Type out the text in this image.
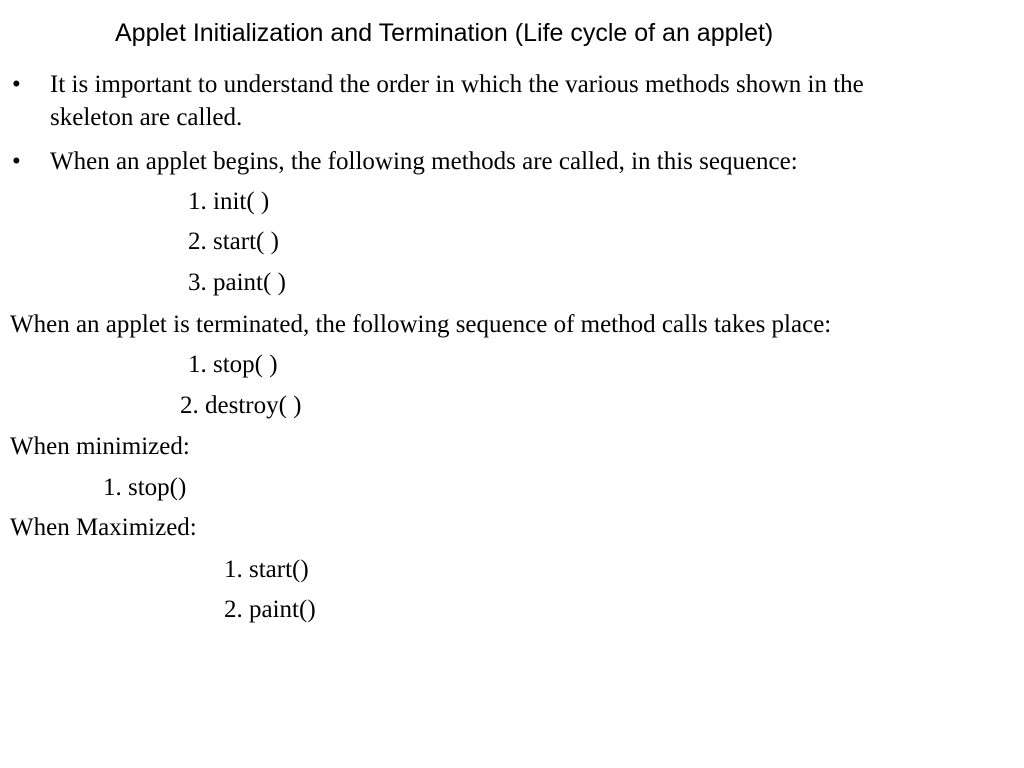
Applet Initialization and Termination (Life cycle of an applet)
• It is important to understand the order in which the various methods shown in the
skeleton are called.
• When an applet begins, the following methods are called, in this sequence:
1. init( )
2. start( )
3. paint( )
When an applet is terminated, the following sequence of method calls takes place:
1. stop( )
2. destroy( )
When minimized:
1. stop()
When Maximized:
1. start()
2. paint()
